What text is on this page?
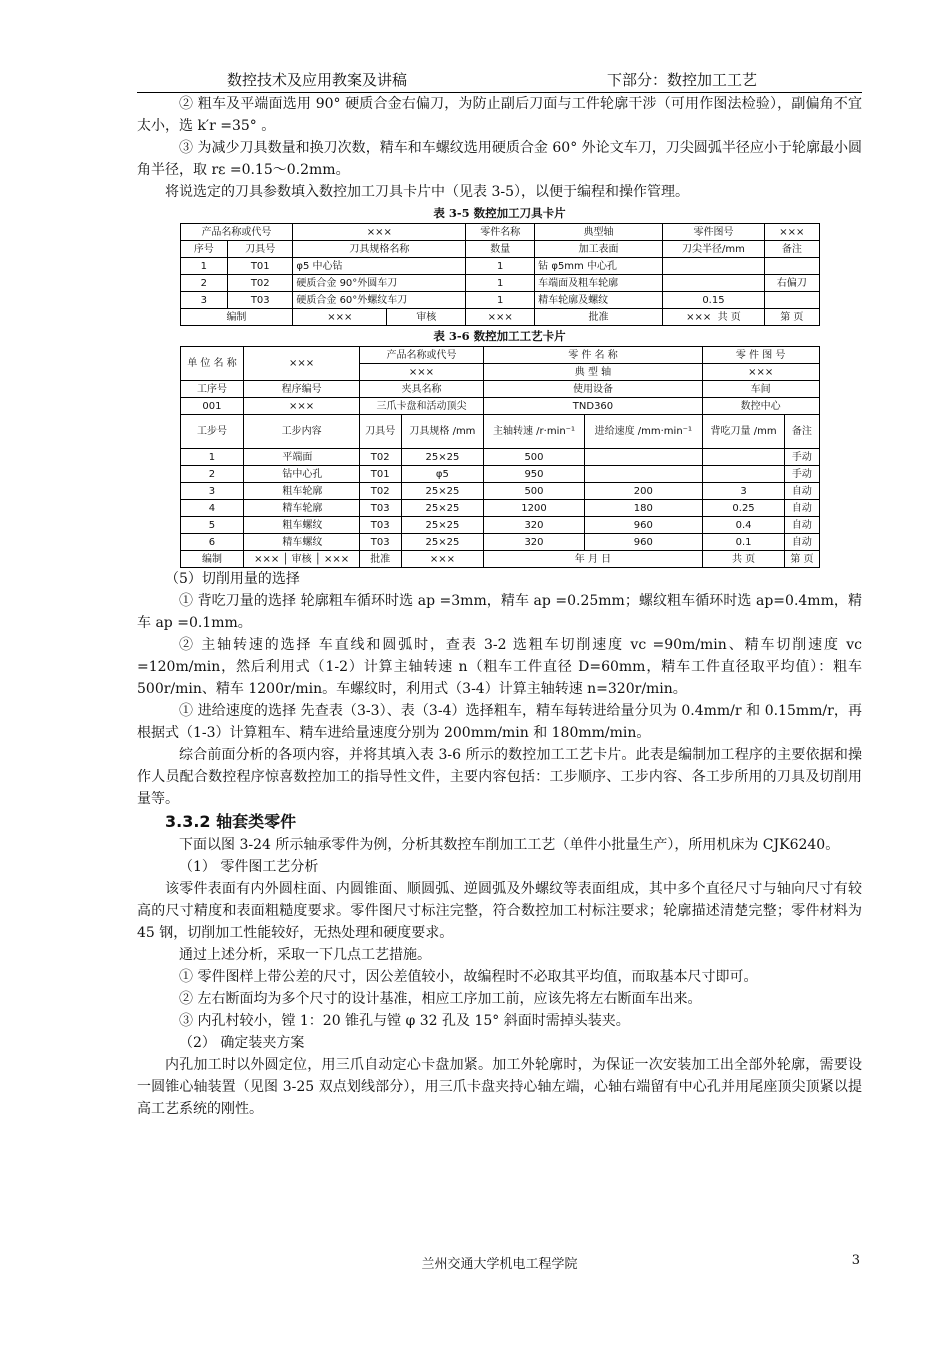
数控技术及应用教案及讲稿	下部分：数控加工工艺

② 粗车及平端面选用 90° 硬质合金右偏刀，为防止副后刀面与工件轮廓干涉（可用作图法检验），副偏角不宜太小，选 k′r =35° 。

③ 为减少刀具数量和换刀次数，精车和车螺纹选用硬质合金 60° 外论文车刀，刀尖圆弧半径应小于轮廓最小圆角半径，取 rε =0.15～0.2mm。

将说选定的刀具参数填入数控加工刀具卡片中（见表 3-5），以便于编程和操作管理。

表 3-5 数控加工刀具卡片

产品名称或代号		×××		零件名称	典型轴	零件图号	×××
序号	刀具号	刀具规格名称		数量	加工表面	刀尖半径/mm	备注
1	T01	φ5 中心钻		1	钻 φ5mm 中心孔		
2	T02	硬质合金 90°外圆车刀		1	车端面及粗车轮廓		右偏刀
3	T03	硬质合金 60°外螺纹车刀		1	精车轮廓及螺纹	0.15	
编制		×××	审核	×××	批准	××× 共 页	第 页

表 3-6 数控加工工艺卡片

单 位 名 称	×××	产品名称或代号		零 件 名 称		零 件 图 号	
		×××		典 型 轴		×××	
工序号	程序编号	夹具名称		使用设备		车间	
001	×××	三爪卡盘和活动顶尖		TND360		数控中心	
工步号	工步内容	刀具号	刀具规格 /mm	主轴转速 /r·min⁻¹	进给速度 /mm·min⁻¹	背吃刀量 /mm	备注
1	平端面	T02	25×25	500			手动
2	钻中心孔	T01	φ5	950			手动
3	粗车轮廓	T02	25×25	500	200	3	自动
4	精车轮廓	T03	25×25	1200	180	0.25	自动
5	粗车螺纹	T03	25×25	320	960	0.4	自动
6	精车螺纹	T03	25×25	320	960	0.1	自动
编制	××× │ 审核 │ ×××	批准	×××	年 月 日		共 页	第 页

（5）切削用量的选择

① 背吃刀量的选择 轮廓粗车循环时选 ap =3mm，精车 ap =0.25mm；螺纹粗车循环时选 ap=0.4mm，精车 ap =0.1mm。

② 主轴转速的选择 车直线和圆弧时，查表 3-2 选粗车切削速度 vc =90m/min、精车切削速度 vc =120m/min，然后利用式（1-2）计算主轴转速 n（粗车工件直径 D=60mm，精车工件直径取平均值）：粗车 500r/min、精车 1200r/min。车螺纹时，利用式（3-4）计算主轴转速 n=320r/min。

① 进给速度的选择 先查表（3-3）、表（3-4）选择粗车，精车每转进给量分贝为 0.4mm/r 和 0.15mm/r，再根据式（1-3）计算粗车、精车进给量速度分别为 200mm/min 和 180mm/min。

综合前面分析的各项内容，并将其填入表 3-6 所示的数控加工工艺卡片。此表是编制加工程序的主要依据和操作人员配合数控程序惊喜数控加工的指导性文件，主要内容包括：工步顺序、工步内容、各工步所用的刀具及切削用量等。

3.3.2 轴套类零件

下面以图 3-24 所示轴承零件为例，分析其数控车削加工工艺（单件小批量生产），所用机床为 CJK6240。

（1） 零件图工艺分析

该零件表面有内外圆柱面、内圆锥面、顺圆弧、逆圆弧及外螺纹等表面组成，其中多个直径尺寸与轴向尺寸有较高的尺寸精度和表面粗糙度要求。零件图尺寸标注完整，符合数控加工村标注要求；轮廓描述清楚完整；零件材料为 45 钢，切削加工性能较好，无热处理和硬度要求。

通过上述分析，采取一下几点工艺措施。

① 零件图样上带公差的尺寸，因公差值较小，故编程时不必取其平均值，而取基本尺寸即可。

② 左右断面均为多个尺寸的设计基准，相应工序加工前，应该先将左右断面车出来。

③ 内孔村较小，镗 1：20 锥孔与镗 φ 32 孔及 15° 斜面时需掉头装夹。

（2） 确定装夹方案

内孔加工时以外圆定位，用三爪自动定心卡盘加紧。加工外轮廓时，为保证一次安装加工出全部外轮廓，需要设一圆锥心轴装置（见图 3-25 双点划线部分），用三爪卡盘夹持心轴左端，心轴右端留有中心孔并用尾座顶尖顶紧以提高工艺系统的刚性。

兰州交通大学机电工程学院	3
